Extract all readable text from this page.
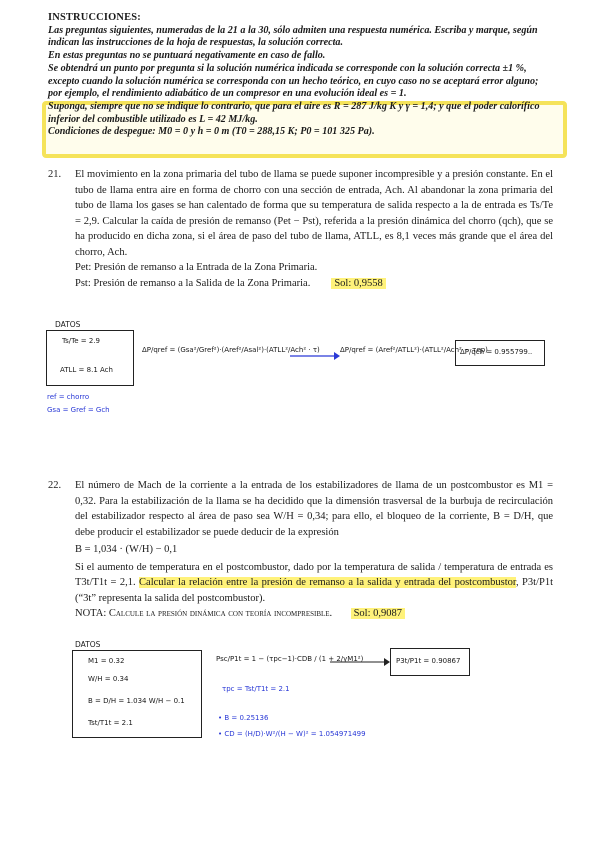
INSTRUCCIONES:
Las preguntas siguientes, numeradas de la 21 a la 30, sólo admiten una respuesta numérica. Escriba y marque, según indican las instrucciones de la hoja de respuestas, la solución correcta.
En estas preguntas no se puntuará negativamente en caso de fallo.
Se obtendrá un punto por pregunta si la solución numérica indicada se corresponde con la solución correcta ±1 %, excepto cuando la solución numérica se corresponda con un hecho teórico, en cuyo caso no se aceptará error alguno; por ejemplo, el rendimiento adiabático de un compresor en una evolución ideal es = 1.
Suponga, siempre que no se indique lo contrario, que para el aire es R = 287 J/kg K y γ = 1,4; y que el poder calorífico inferior del combustible utilizado es L = 42 MJ/kg.
Condiciones de despegue: M0 = 0 y h = 0 m (T0 = 288,15 K; P0 = 101 325 Pa).
21. El movimiento en la zona primaria del tubo de llama se puede suponer incompresible y a presión constante. En el tubo de llama entra aire en forma de chorro con una sección de entrada, Ach. Al abandonar la zona primaria del tubo de llama los gases se han calentado de forma que su temperatura de salida respecto a la de entrada es Ts/Te = 2,9. Calcular la caída de presión de remanso (Pet − Pst), referida a la presión dinámica del chorro (qch), que se ha producido en dicha zona, si el área de paso del tubo de llama, ATLL, es 8,1 veces más grande que el área del chorro, Ach.

Pet: Presión de remanso a la Entrada de la Zona Primaria.

Pst: Presión de remanso a la Salida de la Zona Primaria. Sol: 0,9558

DATOS
Ts/Te = 2.9
ATLL = 8.1 Ach
ref = chorro
Gsa = Gref = Gch
ΔP/qref = (Gsa²/Gref²)·(Aref²/Asal²)·(ATLL²/Ach² · τ)	ΔP/qref = (Aref²/ATLL²)·(ATLL²/Ach² − τep)
ΔP/qch = 0.955799..
22. El número de Mach de la corriente a la entrada de los estabilizadores de llama de un postcombustor es M1 = 0,32. Para la estabilización de la llama se ha decidido que la dimensión trasversal de la burbuja de recirculación del estabilizador respecto al área de paso sea W/H = 0,34; para ello, el bloqueo de la corriente, B = D/H, que debe producir el estabilizador se puede deducir de la expresión

B = 1,034 · (W/H) − 0,1

Si el aumento de temperatura en el postcombustor, dado por la temperatura de salida / temperatura de entrada es T3t/T1t = 2,1. Calcular la relación entre la presión de remanso a la salida y entrada del postcombustor, P3t/P1t (“3t” representa la salida del postcombustor).

NOTA: Calcule la presión dinámica con teoría incompresible. Sol: 0,9087

DATOS
M1 = 0.32
W/H = 0.34
B = D/H = 1.034 W/H − 0.1
Tst/T1t = 2.1
Psc/P1t = 1 − (τpc−1)·CDB / (1 + 2/γM1²)	P3t/P1t = 0.90867
τpc = Tst/T1t = 2.1
• B = 0.25136
• CD = (H/D)·W²/(H − W)² = 1.054971499
